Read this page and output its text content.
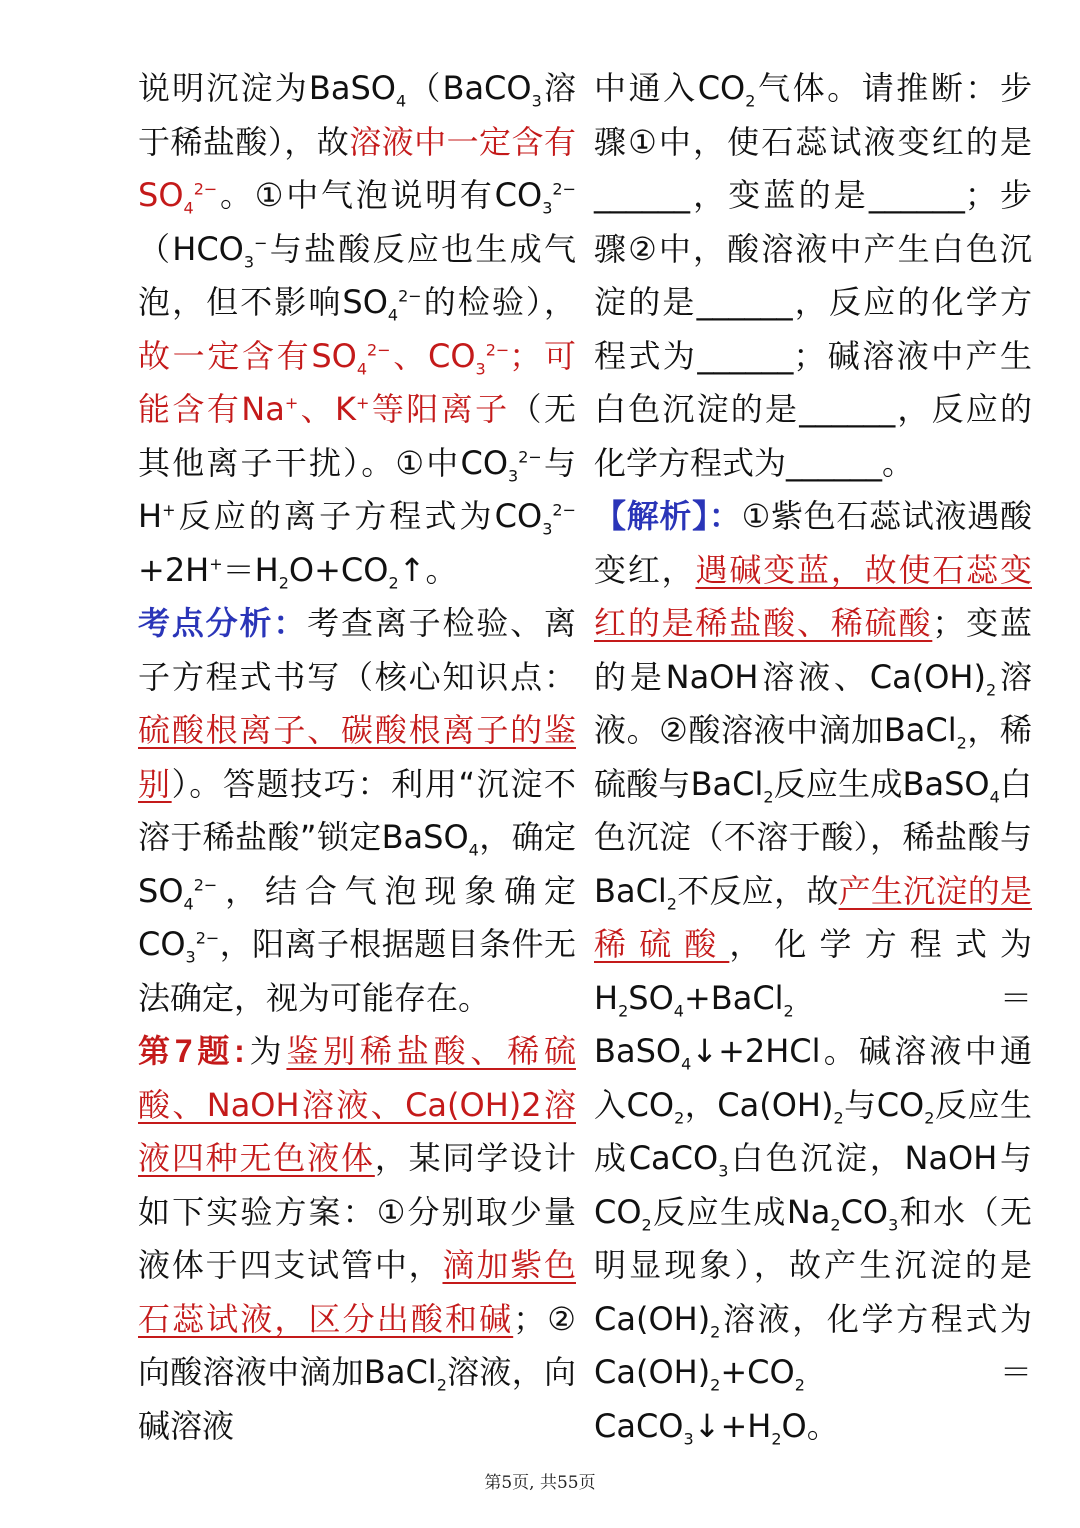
说明沉淀为BaSO$_4$（BaCO$_3$溶于稀盐酸），故溶液中一定含有$SO_4^{2-}$。①中气泡说明有$CO_3^{2-}(HCO_3^-$与盐酸反应也生成气泡，但不影响$SO_4^{2-}$的检验），故一定含有$SO_4^{2-}$、$CO_3^{2-}$；可能含有Na+、K+等阳离子（无其他离子干扰）。①中$CO_3^{2-}$与H+反应的离子方程式为$CO_3^{2-}+2H^+=H_2O+CO_2↑$。
考点分析：考查离子检验、离子方程式书写（核心知识点：硫酸根离子、碳酸根离子的鉴别）。答题技巧：利用“沉淀不溶于稀盐酸”锁定BaSO$_4$，确定$SO_4^{2-}$，结合气泡现象确定$CO_3^{2-}$，阳离子根据题目条件无法确定，视为可能存在。
第7题:为鉴别稀盐酸、稀硫酸、NaOH溶液、Ca(OH)2溶液四种无色液体，某同学设计如下实验方案：①分别取少量液体于四支试管中，滴加紫色石蕊试液，区分出酸和碱；②向酸溶液中滴加BaCl$_2$溶液，向碱溶液
中通入$CO_2$气体。请推断：步骤①中，使石蕊试液变红的是______，变蓝的是______；步骤②中，酸溶液中产生白色沉淀的是______，反应的化学方程式为______；碱溶液中产生白色沉淀的是______，反应的化学方程式为______。
【解析】：①紫色石蕊试液遇酸变红，遇碱变蓝，故使石蕊变红的是稀盐酸、稀硫酸；变蓝的是NaOH溶液、$Ca(OH)_2$溶液。②酸溶液中滴加BaCl$_2$，稀硫酸与BaCl$_2$反应生成BaSO$_4$白色沉淀（不溶于酸），稀盐酸与BaCl$_2$不反应，故产生沉淀的是稀硫酸，化学方程式为$H_2SO_4+BaCl_2=BaSO_4↓+2HCl$。碱溶液中通入$CO_2$，$Ca(OH)_2$与$CO_2$反应生成CaCO$_3$白色沉淀，NaOH与$CO_2$反应生成$Na_2CO_3$和水（无明显现象），故产生沉淀的是$Ca(OH)_2$溶液，化学方程式为$Ca(OH)_2+CO_2=CaCO_3↓+H_2O$。
第5页, 共55页
